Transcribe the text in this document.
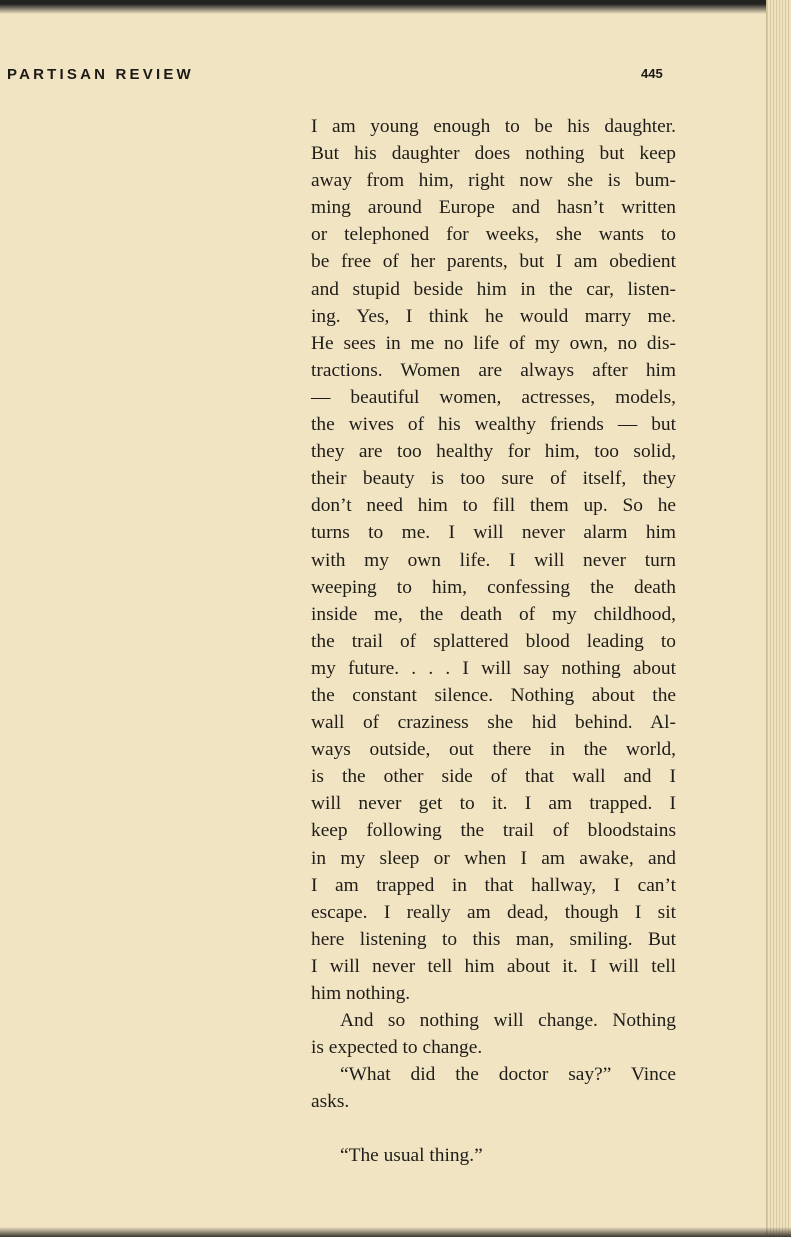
PARTISAN REVIEW	445
I am young enough to be his daughter.
But his daughter does nothing but keep
away from him, right now she is bum-
ming around Europe and hasn’t written
or telephoned for weeks, she wants to
be free of her parents, but I am obedient
and stupid beside him in the car, listen-
ing. Yes, I think he would marry me.
He sees in me no life of my own, no dis-
tractions. Women are always after him
— beautiful women, actresses, models,
the wives of his wealthy friends — but
they are too healthy for him, too solid,
their beauty is too sure of itself, they
don’t need him to fill them up. So he
turns to me. I will never alarm him
with my own life. I will never turn
weeping to him, confessing the death
inside me, the death of my childhood,
the trail of splattered blood leading to
my future. . . . I will say nothing about
the constant silence. Nothing about the
wall of craziness she hid behind. Al-
ways outside, out there in the world,
is the other side of that wall and I
will never get to it. I am trapped. I
keep following the trail of bloodstains
in my sleep or when I am awake, and
I am trapped in that hallway, I can’t
escape. I really am dead, though I sit
here listening to this man, smiling. But
I will never tell him about it. I will tell
him nothing.
And so nothing will change. Nothing
is expected to change.
“What did the doctor say?” Vince
asks.
“The usual thing.”
